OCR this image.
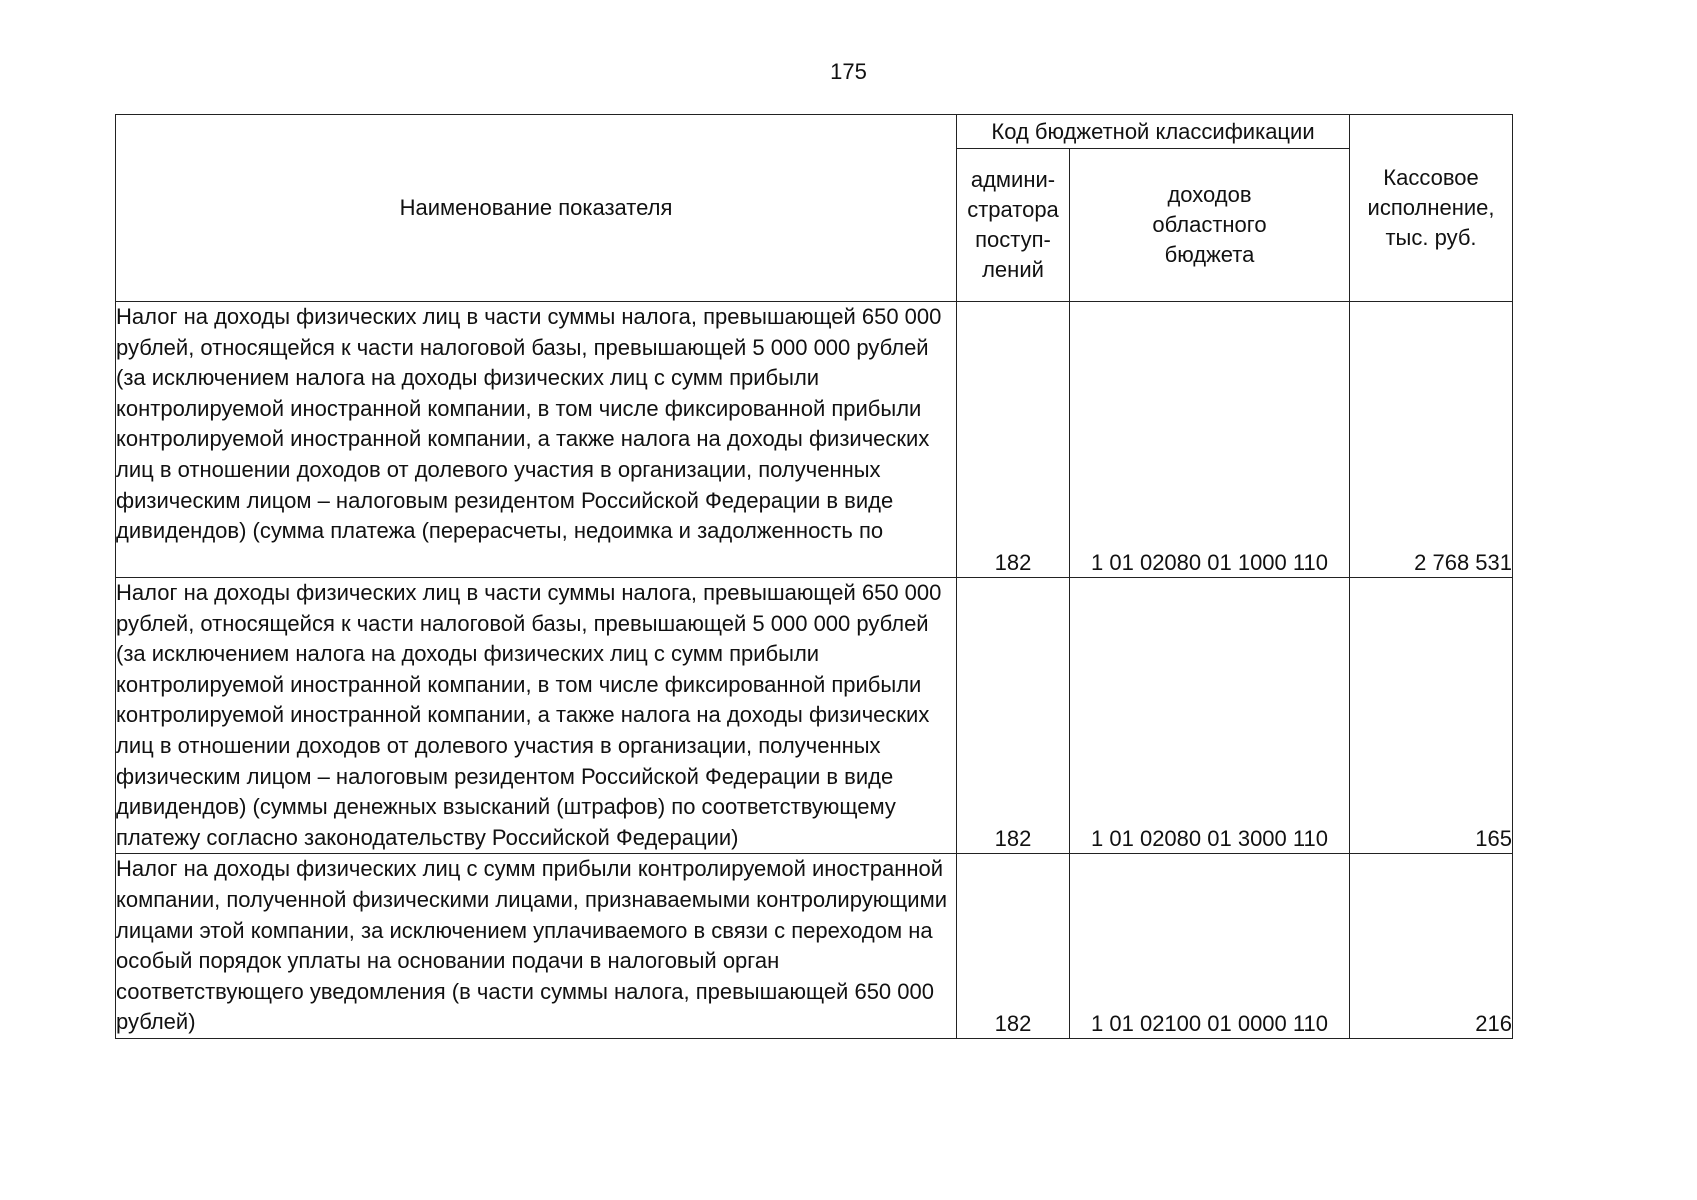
175
Наименование показателя	Код бюджетной классификации		Кассовое исполнение, тыс. руб.

	админи-
стратора
поступ-
лений	доходов областного бюджета	

Налог на доходы физических лиц в части суммы налога, превышающей 650 000 рублей, относящейся к части налоговой базы, превышающей 5 000 000 рублей (за исключением налога на доходы физических лиц с сумм прибыли контролируемой иностранной компании, в том числе фиксированной прибыли контролируемой иностранной компании, а также налога на доходы физических лиц в отношении доходов от долевого участия в организации, полученных физическим лицом – налоговым резидентом Российской Федерации в виде дивидендов) (сумма платежа (перерасчеты, недоимка и задолженность по	182	1 01 02080 01 1000 110	2 768 531
Налог на доходы физических лиц в части суммы налога, превышающей 650 000 рублей, относящейся к части налоговой базы, превышающей 5 000 000 рублей (за исключением налога на доходы физических лиц с сумм прибыли контролируемой иностранной компании, в том числе фиксированной прибыли контролируемой иностранной компании, а также налога на доходы физических лиц в отношении доходов от долевого участия в организации, полученных физическим лицом – налоговым резидентом Российской Федерации в виде дивидендов) (суммы денежных взысканий (штрафов) по соответствующему платежу согласно законодательству Российской Федерации)	182	1 01 02080 01 3000 110	165
Налог на доходы физических лиц с сумм прибыли контролируемой иностранной компании, полученной физическими лицами, признаваемыми контролирующими лицами этой компании, за исключением уплачиваемого в связи с переходом на особый порядок уплаты на основании подачи в налоговый орган соответствующего уведомления (в части суммы налога, превышающей 650 000 рублей)	182	1 01 02100 01 0000 110	216
